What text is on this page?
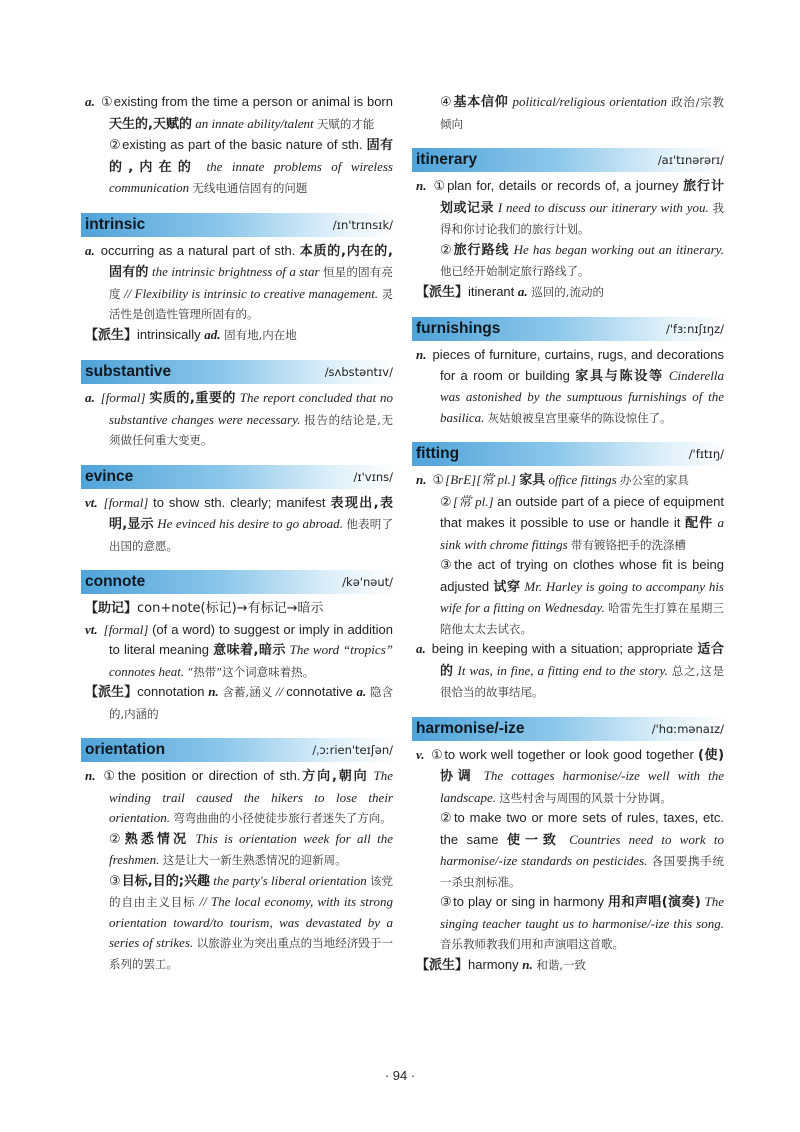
a. ①existing from the time a person or animal is born 天生的,天赋的 an innate ability/talent 天赋的才能

②existing as part of the basic nature of sth. 固有的,内在的 the innate problems of wireless communication 无线电通信固有的问题

intrinsic	/ɪn'trɪnsɪk/

a. occurring as a natural part of sth. 本质的,内在的,固有的 the intrinsic brightness of a star 恒星的固有亮度 // Flexibility is intrinsic to creative management. 灵活性是创造性管理所固有的。

【派生】intrinsically ad. 固有地,内在地

substantive	/sʌbstəntɪv/

a. [formal] 实质的,重要的 The report concluded that no substantive changes were necessary. 报告的结论是,无须做任何重大变更。

evince	/ɪ'vɪns/

vt. [formal] to show sth. clearly; manifest 表现出,表明,显示 He evinced his desire to go abroad. 他表明了出国的意愿。

connote	/kə'nəut/

【助记】con+note(标记)→有标记→暗示

vt. [formal] (of a word) to suggest or imply in addition to literal meaning 意味着,暗示 The word “tropics” connotes heat. “热带”这个词意味着热。

【派生】connotation n. 含蓄,涵义 // connotative a. 隐含的,内涵的

orientation	/ˌɔːrien'teɪʃən/

n. ①the position or direction of sth.方向,朝向 The winding trail caused the hikers to lose their orientation. 弯弯曲曲的小径使徒步旅行者迷失了方向。

②熟悉情况 This is orientation week for all the freshmen. 这是让大一新生熟悉情况的迎新周。

③目标,目的;兴趣 the party's liberal orientation 该党的自由主义目标 // The local economy, with its strong orientation toward/to tourism, was devastated by a series of strikes. 以旅游业为突出重点的当地经济毁于一系列的罢工。

④基本信仰 political/religious orientation 政治/宗教倾向

itinerary	/aɪ'tɪnərərɪ/

n. ①plan for, details or records of, a journey 旅行计划或记录 I need to discuss our itinerary with you. 我得和你讨论我们的旅行计划。

②旅行路线 He has began working out an itinerary. 他已经开始制定旅行路线了。

【派生】itinerant a. 巡回的,流动的

furnishings	/'fɜːnɪʃɪŋz/

n. pieces of furniture, curtains, rugs, and decorations for a room or building 家具与陈设等 Cinderella was astonished by the sumptuous furnishings of the basilica. 灰姑娘被皇宫里豪华的陈设惊住了。

fitting	/'fɪtɪŋ/

n. ①[BrE][常 pl.] 家具 office fittings 办公室的家具

②[常 pl.] an outside part of a piece of equipment that makes it possible to use or handle it 配件 a sink with chrome fittings 带有镀铬把手的洗涤槽

③the act of trying on clothes whose fit is being adjusted 试穿 Mr. Harley is going to accompany his wife for a fitting on Wednesday. 哈雷先生打算在星期三陪他太太去试衣。

a. being in keeping with a situation; appropriate 适合的 It was, in fine, a fitting end to the story. 总之,这是很恰当的故事结尾。

harmonise/-ize	/'hɑːmənaɪz/

v. ①to work well together or look good together (使)协调 The cottages harmonise/-ize well with the landscape. 这些村舍与周围的风景十分协调。

②to make two or more sets of rules, taxes, etc. the same 使一致 Countries need to work to harmonise/-ize standards on pesticides. 各国要携手统一杀虫剂标准。

③to play or sing in harmony 用和声唱(演奏) The singing teacher taught us to harmonise/-ize this song. 音乐教师教我们用和声演唱这首歌。

【派生】harmony n. 和谐,一致

· 94 ·
